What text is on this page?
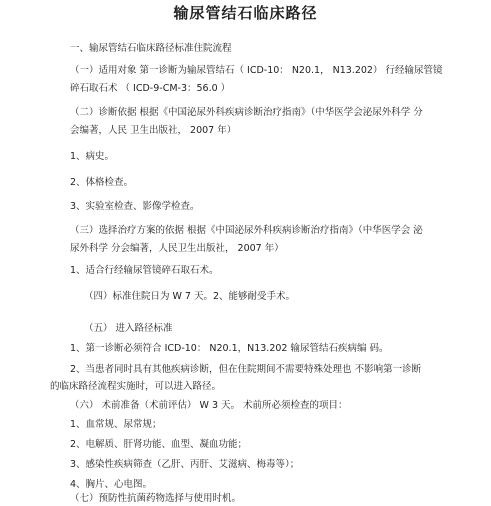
输尿管结石临床路径
一、输尿管结石临床路径标准住院流程
（一）适用对象 第一诊断为输尿管结石（ ICD-10： N20.1， N13.202） 行经输尿管镜
碎石取石术 （ ICD-9-CM-3：56.0 ）
（二）诊断依据 根据《中国泌尿外科疾病诊断治疗指南》（中华医学会泌尿外科学 分
会编著，人民 卫生出版社， 2007 年）
1、病史。
2、体格检查。
3、实验室检查、影像学检查。
（三）选择治疗方案的依据 根据《中国泌尿外科疾病诊断治疗指南》（中华医学会 泌
尿外科学 分会编著，人民卫生出版社， 2007 年）
1、适合行经输尿管镜碎石取石术。
（四）标准住院日为 W 7 天。2、能够耐受手术。
（五） 进入路径标准
1、第一诊断必须符合 ICD-10： N20.1，N13.202 输尿管结石疾病编 码。
2、当患者同时具有其他疾病诊断，但在住院期间不需要特殊处理也 不影响第一诊断
的临床路径流程实施时，可以进入路径。
（六） 术前准备（术前评估） W 3 天。 术前所必须检查的项目：
1、血常规、尿常规；
2、电解质、肝肾功能、血型、凝血功能；
3、感染性疾病筛查（乙肝、丙肝、艾滋病、梅毒等）；
4、胸片、心电图。
（七）预防性抗菌药物选择与使用时机。
